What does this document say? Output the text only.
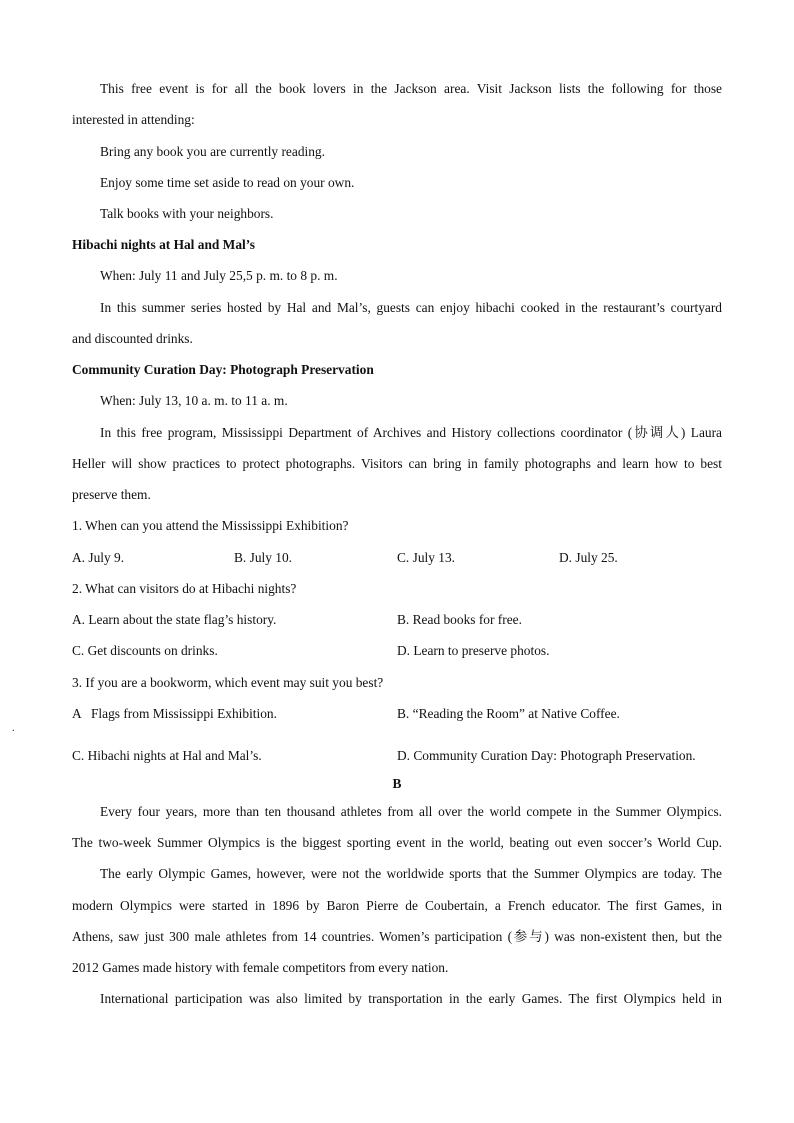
This free event is for all the book lovers in the Jackson area. Visit Jackson lists the following for those
interested in attending:
Bring any book you are currently reading.
Enjoy some time set aside to read on your own.
Talk books with your neighbors.
Hibachi nights at Hal and Mal’s
When: July 11 and July 25,5 p. m. to 8 p. m.
In this summer series hosted by Hal and Mal’s, guests can enjoy hibachi cooked in the restaurant’s courtyard
and discounted drinks.
Community Curation Day: Photograph Preservation
When: July 13, 10 a. m. to 11 a. m.
In this free program, Mississippi Department of Archives and History collections coordinator (协调人) Laura
Heller will show practices to protect photographs. Visitors can bring in family photographs and learn how to best
preserve them.
1. When can you attend the Mississippi Exhibition?
A. July 9.	B. July 10.	C. July 13.	D. July 25.
2. What can visitors do at Hibachi nights?
A. Learn about the state flag’s history.	B. Read books for free.
C. Get discounts on drinks.	D. Learn to preserve photos.
3. If you are a bookworm, which event may suit you best?
A   Flags from Mississippi Exhibition.	B. “Reading the Room” at Native Coffee.
C. Hibachi nights at Hal and Mal’s.	D. Community Curation Day: Photograph Preservation.
B
Every four years, more than ten thousand athletes from all over the world compete in the Summer Olympics.
The two-week Summer Olympics is the biggest sporting event in the world, beating out even soccer’s World Cup.
The early Olympic Games, however, were not the worldwide sports that the Summer Olympics are today. The
modern Olympics were started in 1896 by Baron Pierre de Coubertain, a French educator. The first Games, in
Athens, saw just 300 male athletes from 14 countries. Women’s participation (参与) was non-existent then, but the
2012 Games made history with female competitors from every nation.
International participation was also limited by transportation in the early Games. The first Olympics held in
.
